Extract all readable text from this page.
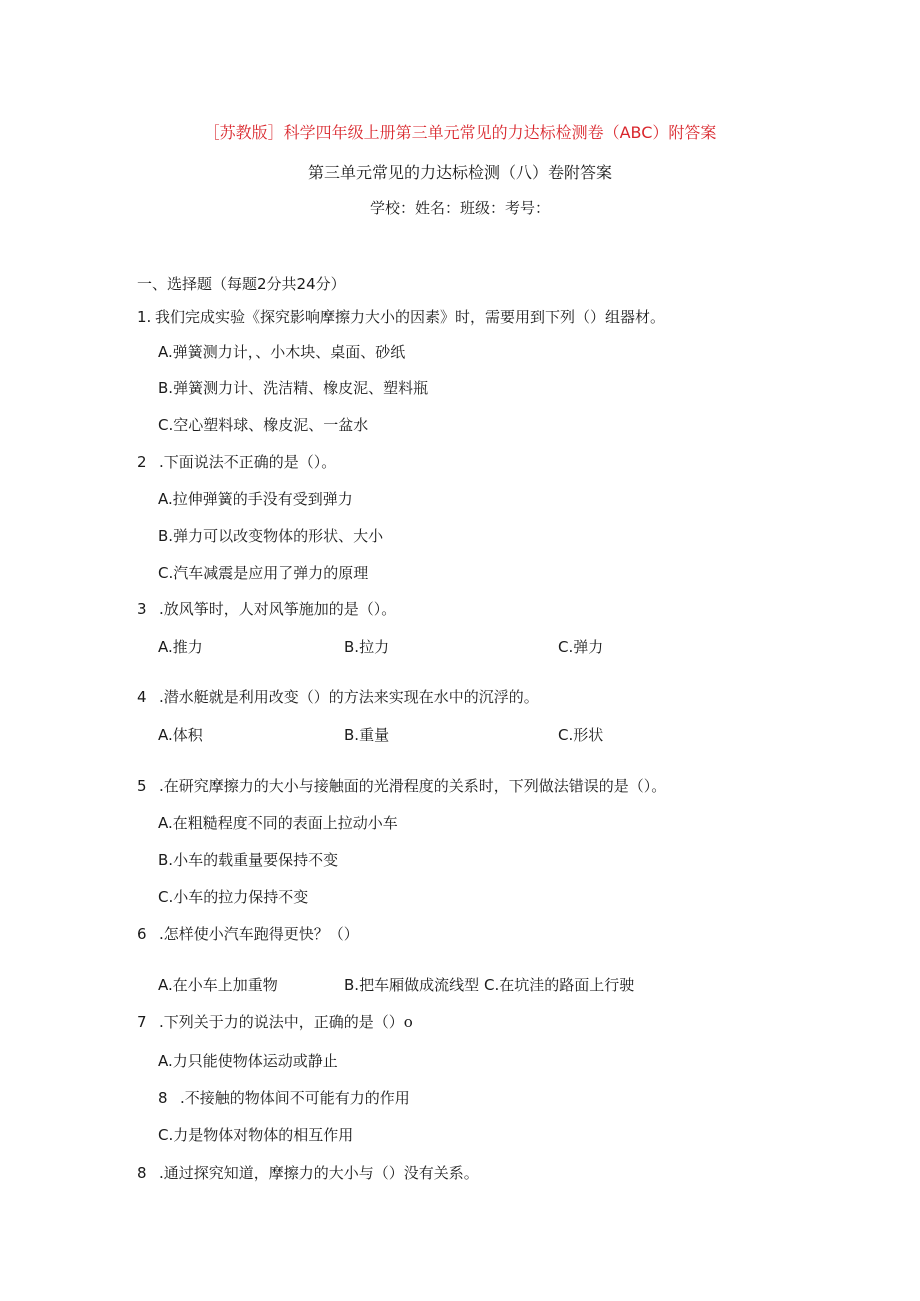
［苏教版］科学四年级上册第三单元常见的力达标检测卷（ABC）附答案
第三单元常见的力达标检测（八）卷附答案
学校：姓名：班级：考号：
一、选择题（每题2分共24分）
1. 我们完成实验《探究影响摩擦力大小的因素》时，需要用到下列（）组器材。
A.弹簧测力计，、小木块、桌面、砂纸
B.弹簧测力计、洗洁精、橡皮泥、塑料瓶
C.空心塑料球、橡皮泥、一盆水
2 .下面说法不正确的是（）。
A.拉伸弹簧的手没有受到弹力
B.弹力可以改变物体的形状、大小
C.汽车减震是应用了弹力的原理
3 .放风筝时，人对风筝施加的是（）。
A.推力	B.拉力	C.弹力
4 .潜水艇就是利用改变（）的方法来实现在水中的沉浮的。
A.体积	B.重量	C.形状
5 .在研究摩擦力的大小与接触面的光滑程度的关系时，下列做法错误的是（）。
A.在粗糙程度不同的表面上拉动小车
B.小车的载重量要保持不变
C.小车的拉力保持不变
6 .怎样使小汽车跑得更快？（）
A.在小车上加重物	B.把车厢做成流线型 C.在坑洼的路面上行驶
7 .下列关于力的说法中，正确的是（）o
A.力只能使物体运动或静止
8 .不接触的物体间不可能有力的作用
C.力是物体对物体的相互作用
8 .通过探究知道，摩擦力的大小与（）没有关系。
